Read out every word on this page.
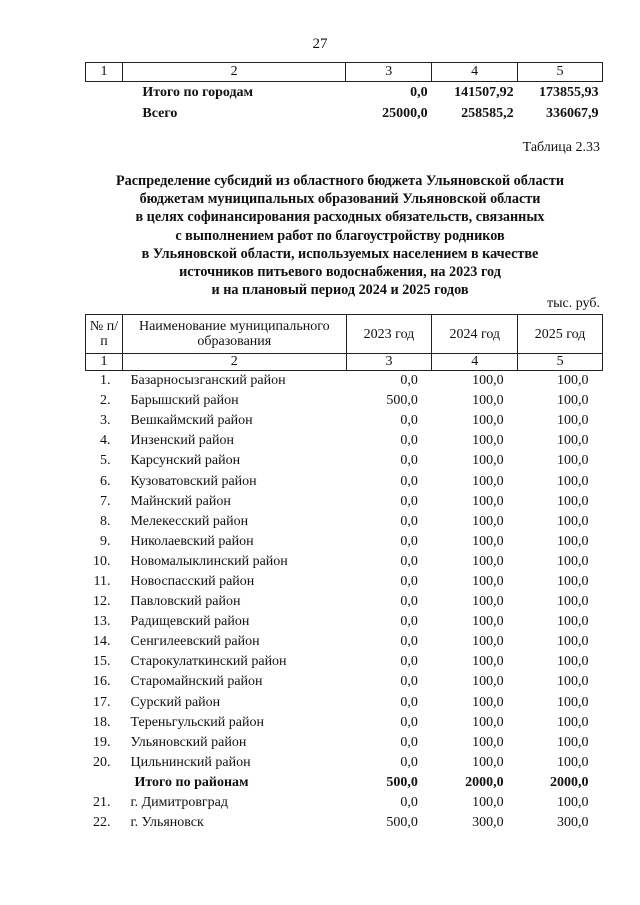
27
1	2	3	4	5
	Итого по городам	0,0	141507,92	173855,93
	Всего	25000,0	258585,2	336067,9
Таблица 2.33
Распределение субсидий из областного бюджета Ульяновской области
бюджетам муниципальных образований Ульяновской области
в целях софинансирования расходных обязательств, связанных
с выполнением работ по благоустройству родников
в Ульяновской области, используемых населением в качестве
источников питьевого водоснабжения, на 2023 год
и на плановый период 2024 и 2025 годов
тыс. руб.
№ п/п	Наименование муниципального образования	2023 год	2024 год	2025 год
1	2	3	4	5
1.	Базарносызганский район	0,0	100,0	100,0
2.	Барышский район	500,0	100,0	100,0
3.	Вешкаймский район	0,0	100,0	100,0
4.	Инзенский район	0,0	100,0	100,0
5.	Карсунский район	0,0	100,0	100,0
6.	Кузоватовский район	0,0	100,0	100,0
7.	Майнский район	0,0	100,0	100,0
8.	Мелекесский район	0,0	100,0	100,0
9.	Николаевский район	0,0	100,0	100,0
10.	Новомалыклинский район	0,0	100,0	100,0
11.	Новоспасский район	0,0	100,0	100,0
12.	Павловский район	0,0	100,0	100,0
13.	Радищевский район	0,0	100,0	100,0
14.	Сенгилеевский район	0,0	100,0	100,0
15.	Старокулаткинский район	0,0	100,0	100,0
16.	Старомайнский район	0,0	100,0	100,0
17.	Сурский район	0,0	100,0	100,0
18.	Тереньгульский район	0,0	100,0	100,0
19.	Ульяновский район	0,0	100,0	100,0
20.	Цильнинский район	0,0	100,0	100,0
	Итого по районам	500,0	2000,0	2000,0
21.	г. Димитровград	0,0	100,0	100,0
22.	г. Ульяновск	500,0	300,0	300,0
